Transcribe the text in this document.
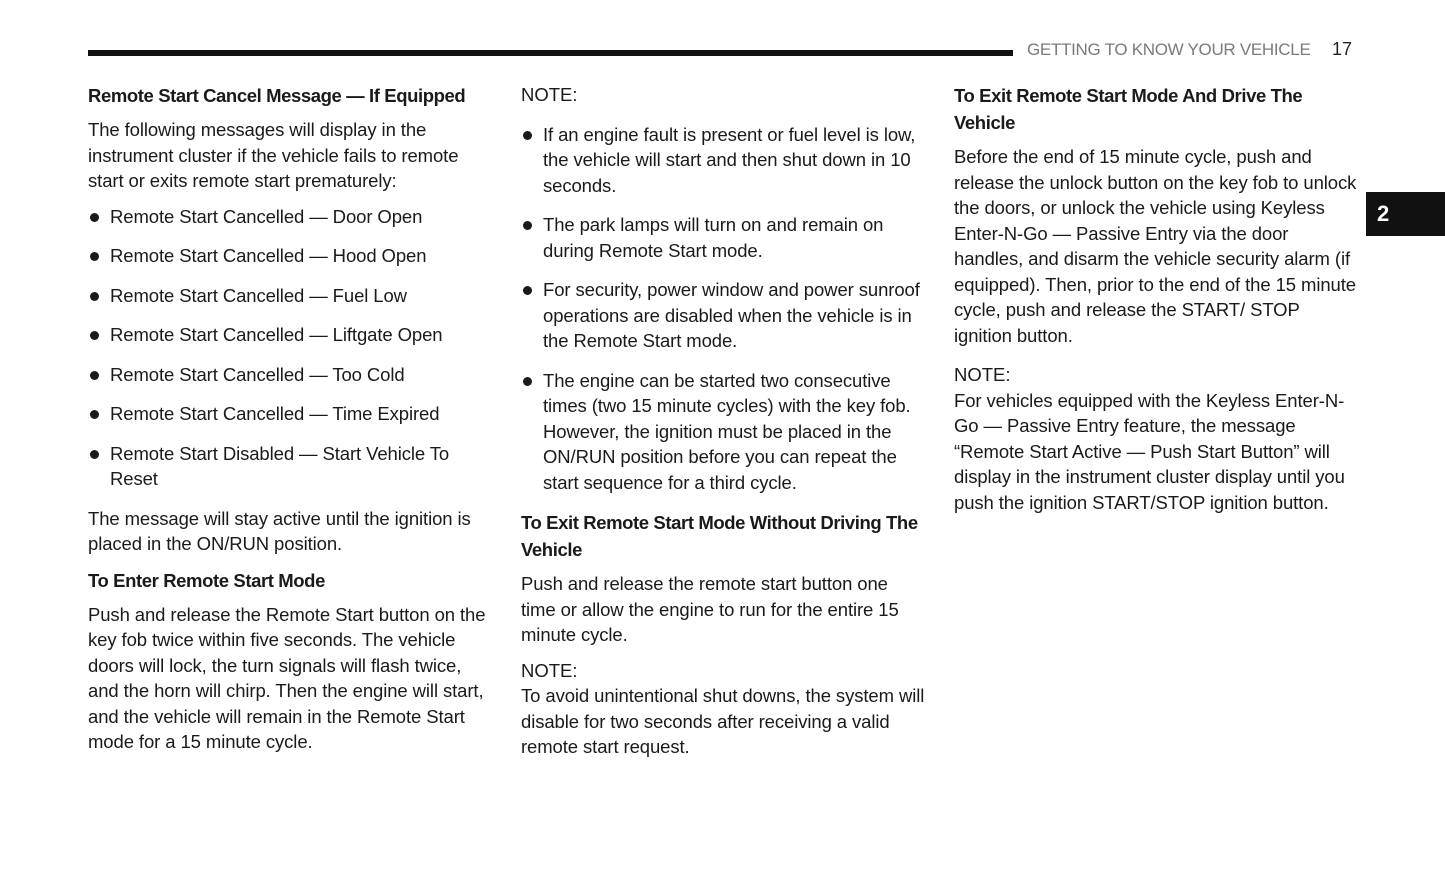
GETTING TO KNOW YOUR VEHICLE 17
2
Remote Start Cancel Message — If Equipped

The following messages will display in the instrument cluster if the vehicle fails to remote start or exits remote start prematurely:

Remote Start Cancelled — Door Open
Remote Start Cancelled — Hood Open
Remote Start Cancelled — Fuel Low
Remote Start Cancelled — Liftgate Open
Remote Start Cancelled — Too Cold
Remote Start Cancelled — Time Expired
Remote Start Disabled — Start Vehicle To Reset

The message will stay active until the ignition is placed in the ON/RUN position.

To Enter Remote Start Mode

Push and release the Remote Start button on the key fob twice within five seconds. The vehicle doors will lock, the turn signals will flash twice, and the horn will chirp. Then the engine will start, and the vehicle will remain in the Remote Start mode for a 15 minute cycle.

NOTE:

If an engine fault is present or fuel level is low, the vehicle will start and then shut down in 10 seconds.
The park lamps will turn on and remain on during Remote Start mode.
For security, power window and power sunroof operations are disabled when the vehicle is in the Remote Start mode.
The engine can be started two consecutive times (two 15 minute cycles) with the key fob. However, the ignition must be placed in the ON/RUN position before you can repeat the start sequence for a third cycle.
To Exit Remote Start Mode Without Driving The Vehicle

Push and release the remote start button one time or allow the engine to run for the entire 15 minute cycle.

NOTE:

To avoid unintentional shut downs, the system will disable for two seconds after receiving a valid remote start request.

To Exit Remote Start Mode And Drive The Vehicle

Before the end of 15 minute cycle, push and release the unlock button on the key fob to unlock the doors, or unlock the vehicle using Keyless Enter-N-Go — Passive Entry via the door handles, and disarm the vehicle security alarm (if equipped). Then, prior to the end of the 15 minute cycle, push and release the START/ STOP ignition button.

NOTE:

For vehicles equipped with the Keyless Enter-N-Go — Passive Entry feature, the message “Remote Start Active — Push Start Button” will display in the instrument cluster display until you push the ignition START/STOP ignition button.
